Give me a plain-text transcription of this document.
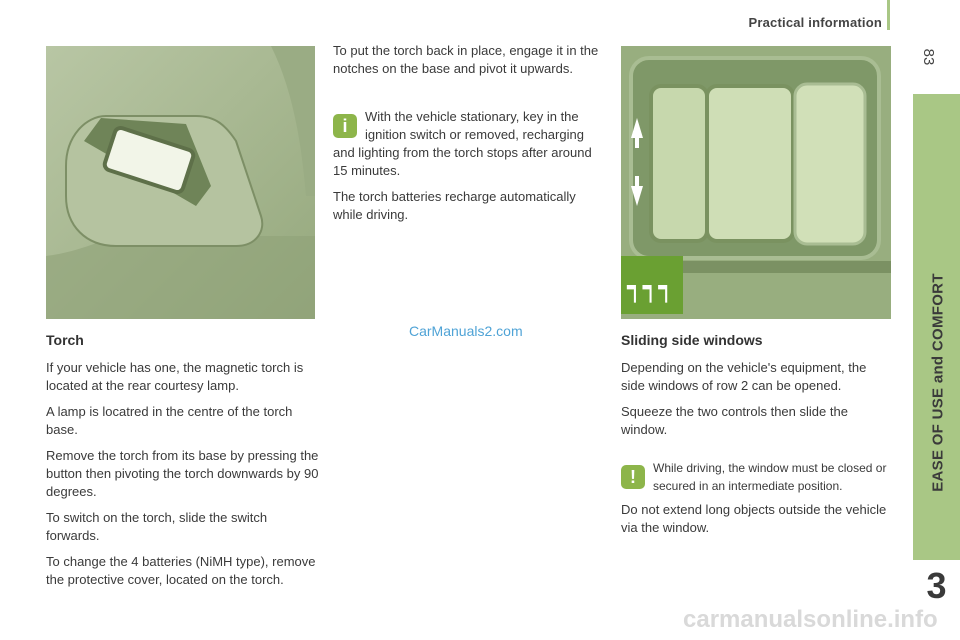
Practical information
83
EASE OF USE and COMFORT
3
┑┑┑
Torch

If your vehicle has one, the magnetic torch is located at the rear courtesy lamp.

A lamp is locatred in the centre of the torch base.

Remove the torch from its base by pressing the button then pivoting the torch downwards by 90 degrees.

To switch on the torch, slide the switch forwards.

To change the 4 batteries (NiMH type), remove the protective cover, located on the torch.

To put the torch back in place, engage it in the notches on the base and pivot it upwards.

i	With the vehicle stationary, key in the ignition switch or removed, recharging and lighting from the torch stops after around 15 minutes.

The torch batteries recharge automatically while driving.

Sliding side windows

Depending on the vehicle's equipment, the side windows of row 2 can be opened.

Squeeze the two controls then slide the window.

!	While driving, the window must be closed or secured in an intermediate position.

Do not extend long objects outside the vehicle via the window.

CarManuals2.com
carmanualsonline.info
